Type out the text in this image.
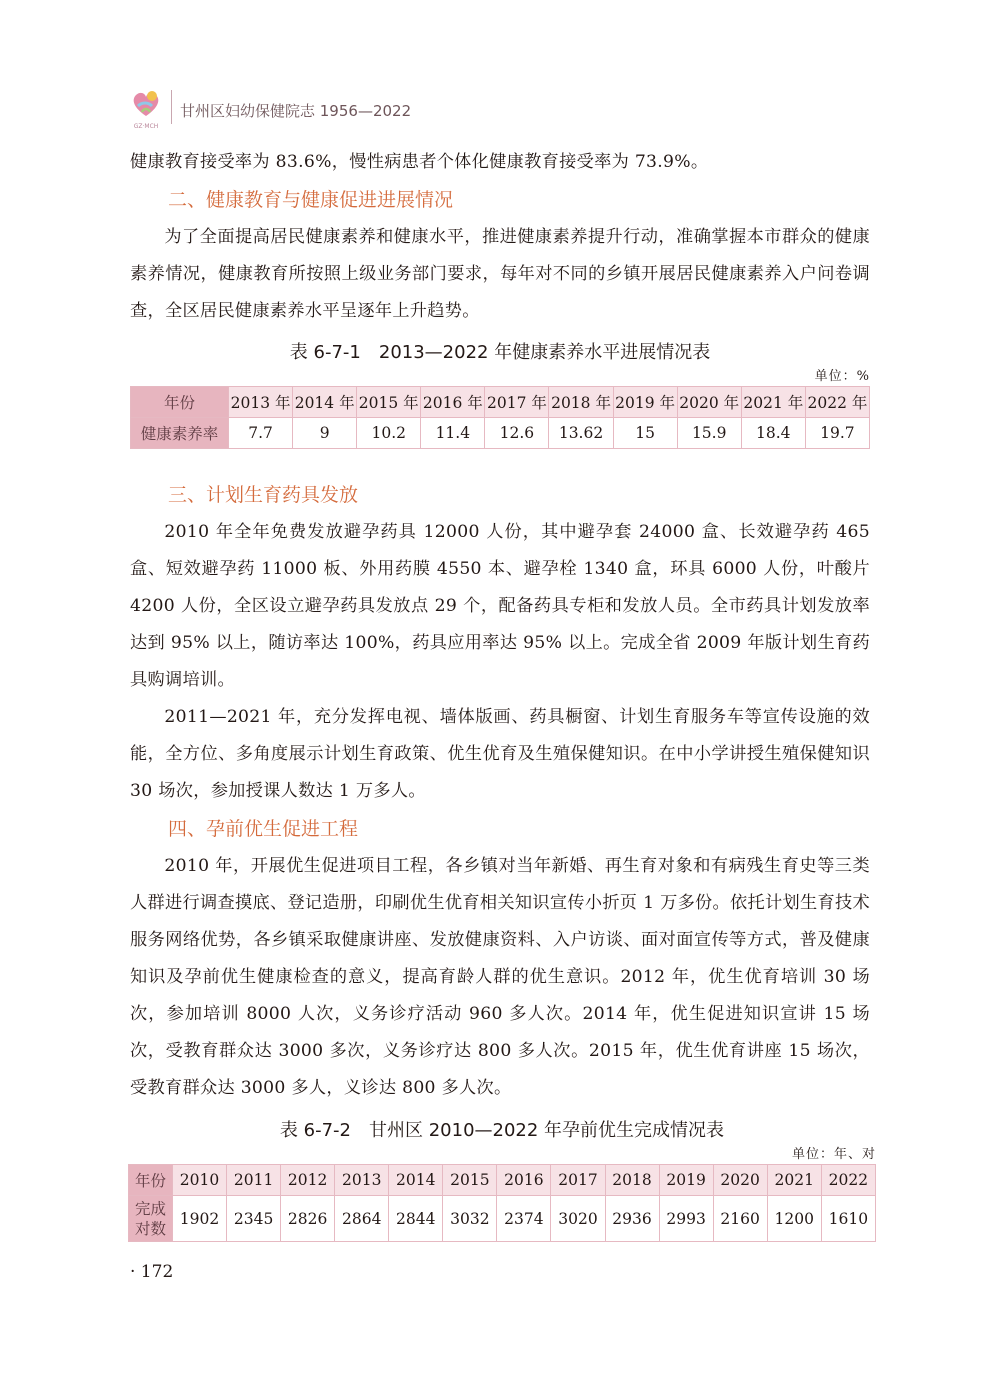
GZ·MCH
甘州区妇幼保健院志 1956—2022

健康教育接受率为 83.6%，慢性病患者个体化健康教育接受率为 73.9%。

二、健康教育与健康促进进展情况

为了全面提高居民健康素养和健康水平，推进健康素养提升行动，准确掌握本市群众的健康素养情况，健康教育所按照上级业务部门要求，每年对不同的乡镇开展居民健康素养入户问卷调查，全区居民健康素养水平呈逐年上升趋势。

表 6-7-1　2013—2022 年健康素养水平进展情况表
单位：%
年份	2013 年	2014 年	2015 年	2016 年	2017 年	2018 年	2019 年	2020 年	2021 年	2022 年
健康素养率	7.7	9	10.2	11.4	12.6	13.62	15	15.9	18.4	19.7
三、计划生育药具发放

2010 年全年免费发放避孕药具 12000 人份，其中避孕套 24000 盒、长效避孕药 465 盒、短效避孕药 11000 板、外用药膜 4550 本、避孕栓 1340 盒，环具 6000 人份，叶酸片 4200 人份，全区设立避孕药具发放点 29 个，配备药具专柜和发放人员。全市药具计划发放率达到 95% 以上，随访率达 100%，药具应用率达 95% 以上。完成全省 2009 年版计划生育药具购调培训。

2011—2021 年，充分发挥电视、墙体版画、药具橱窗、计划生育服务车等宣传设施的效能，全方位、多角度展示计划生育政策、优生优育及生殖保健知识。在中小学讲授生殖保健知识 30 场次，参加授课人数达 1 万多人。

四、孕前优生促进工程

2010 年，开展优生促进项目工程，各乡镇对当年新婚、再生育对象和有病残生育史等三类人群进行调查摸底、登记造册，印刷优生优育相关知识宣传小折页 1 万多份。依托计划生育技术服务网络优势，各乡镇采取健康讲座、发放健康资料、入户访谈、面对面宣传等方式，普及健康知识及孕前优生健康检查的意义，提高育龄人群的优生意识。2012 年，优生优育培训 30 场次，参加培训 8000 人次，义务诊疗活动 960 多人次。2014 年，优生促进知识宣讲 15 场次，受教育群众达 3000 多次，义务诊疗达 800 多人次。2015 年，优生优育讲座 15 场次，受教育群众达 3000 多人，义诊达 800 多人次。

表 6-7-2　甘州区 2010—2022 年孕前优生完成情况表
单位：年、对
年份	2010	2011	2012	2013	2014	2015	2016	2017	2018	2019	2020	2021	2022
完成对数	1902	2345	2826	2864	2844	3032	2374	3020	2936	2993	2160	1200	1610
· 172
